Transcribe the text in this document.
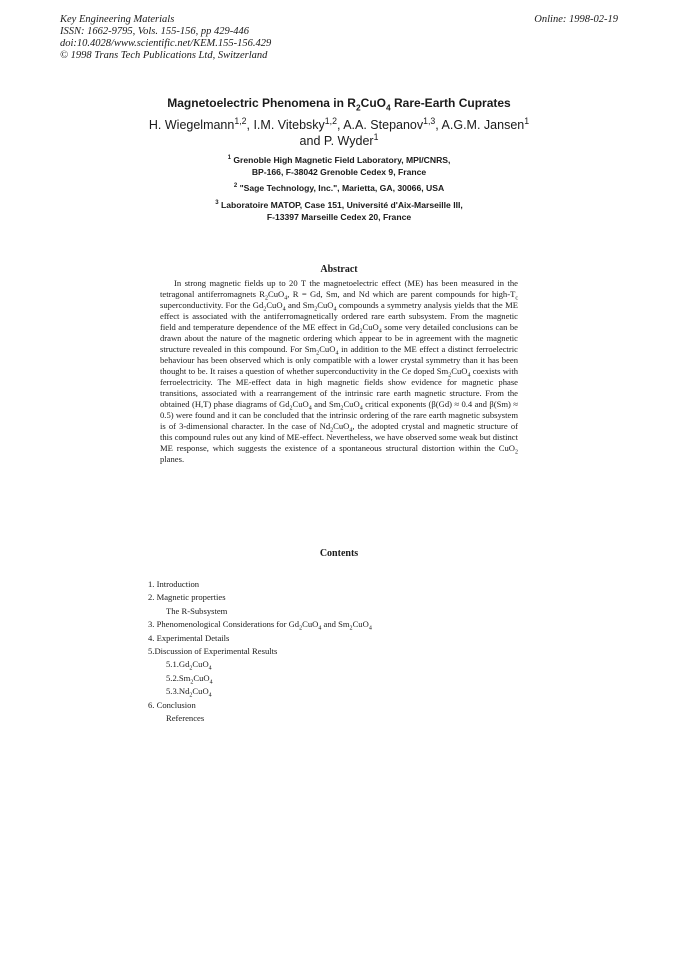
Key Engineering Materials
ISSN: 1662-9795, Vols. 155-156, pp 429-446
doi:10.4028/www.scientific.net/KEM.155-156.429
© 1998 Trans Tech Publications Ltd, Switzerland
Online: 1998-02-19
Magnetoelectric Phenomena in $R_2CuO_4$ Rare-Earth Cuprates
H. Wiegelmann$^{1,2}$, I.M. Vitebsky$^{1,2}$, A.A. Stepanov$^{1,3}$, A.G.M. Jansen$^1$
and P. Wyder$^1$
$^1$ Grenoble High Magnetic Field Laboratory, MPI/CNRS,
BP-166, F-38042 Grenoble Cedex 9, France
$^2$ "Sage Technology, Inc.", Marietta, GA, 30066, USA
$^3$ Laboratoire MATOP, Case 151, Université d'Aix-Marseille III,
F-13397 Marseille Cedex 20, France
Abstract

In strong magnetic fields up to 20 T the magnetoelectric effect (ME) has been measured in the tetragonal antiferromagnets $R_2CuO_4$, R = Gd, Sm, and Nd which are parent compounds for high-$T_c$ superconductivity. For the $Gd_2CuO_4$ and $Sm_2CuO_4$ compounds a symmetry analysis yields that the ME effect is associated with the antiferromagnetically ordered rare earth subsystem. From the magnetic field and temperature dependence of the ME effect in $Gd_2CuO_4$ some very detailed conclusions can be drawn about the nature of the magnetic ordering which appear to be in agreement with the magnetic structure revealed in this compound. For $Sm_2CuO_4$ in addition to the ME effect a distinct ferroelectric behaviour has been observed which is only compatible with a lower crystal symmetry than it has been thought to be. It raises a question of whether superconductivity in the Ce doped $Sm_2CuO_4$ coexists with ferroelectricity. The ME-effect data in high magnetic fields show evidence for magnetic phase transitions, associated with a rearrangement of the intrinsic rare earth magnetic structure. From the obtained (H,T) phase diagrams of $Gd_2CuO_4$ and $Sm_2CuO_4$ critical exponents (β(Gd) ≈ 0.4 and β(Sm) ≈ 0.5) were found and it can be concluded that the intrinsic ordering of the rare earth magnetic subsystem is of 3-dimensional character. In the case of $Nd_2CuO_4$, the adopted crystal and magnetic structure of this compound rules out any kind of ME-effect. Nevertheless, we have observed some weak but distinct ME response, which suggests the existence of a spontaneous structural distortion within the CuO$_2$ planes.

Contents
1. Introduction
2. Magnetic properties
The R-Subsystem
3. Phenomenological Considerations for $Gd_2CuO_4$ and $Sm_2CuO_4$
4. Experimental Details
5.Discussion of Experimental Results
$5.1.Gd_2CuO_4$
$5.2.Sm_2CuO_4$
$5.3.Nd_2CuO_4$
6. Conclusion
References
